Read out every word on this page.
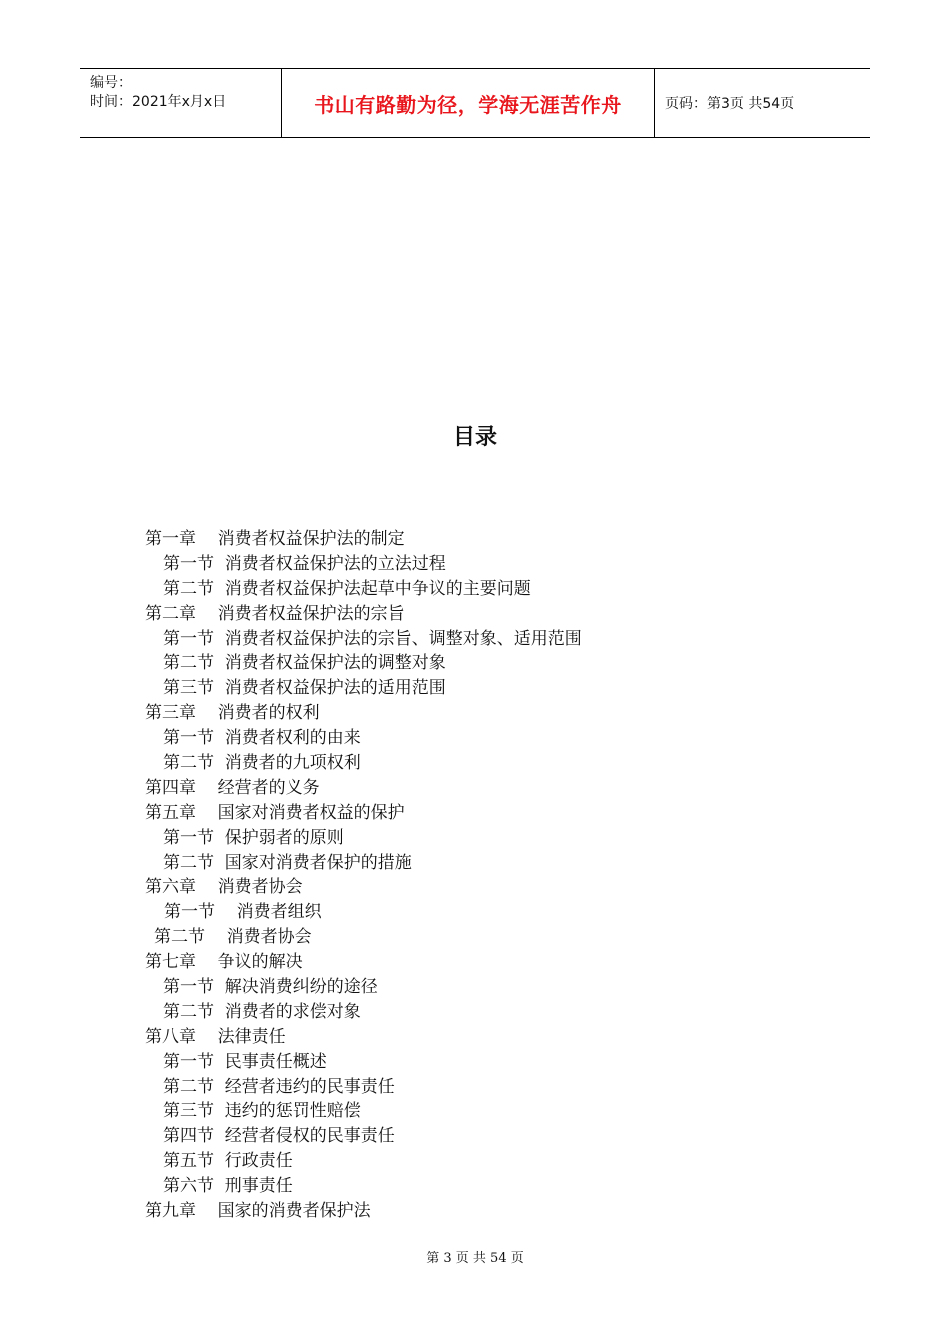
编号：
时间：2021年x月x日	书山有路勤为径，学海无涯苦作舟	页码：第3页 共54页
目录
第一章    消费者权益保护法的制定
第一节  消费者权益保护法的立法过程
第二节  消费者权益保护法起草中争议的主要问题
第二章    消费者权益保护法的宗旨
第一节  消费者权益保护法的宗旨、调整对象、适用范围
第二节  消费者权益保护法的调整对象
第三节  消费者权益保护法的适用范围
第三章    消费者的权利
第一节  消费者权利的由来
第二节  消费者的九项权利
第四章    经营者的义务
第五章    国家对消费者权益的保护
第一节  保护弱者的原则
第二节  国家对消费者保护的措施
第六章    消费者协会
第一节    消费者组织
第二节    消费者协会
第七章    争议的解决
第一节  解决消费纠纷的途径
第二节  消费者的求偿对象
第八章    法律责任
第一节  民事责任概述
第二节  经营者违约的民事责任
第三节  违约的惩罚性赔偿
第四节  经营者侵权的民事责任
第五节  行政责任
第六节  刑事责任
第九章    国家的消费者保护法
第 3 页 共 54 页
